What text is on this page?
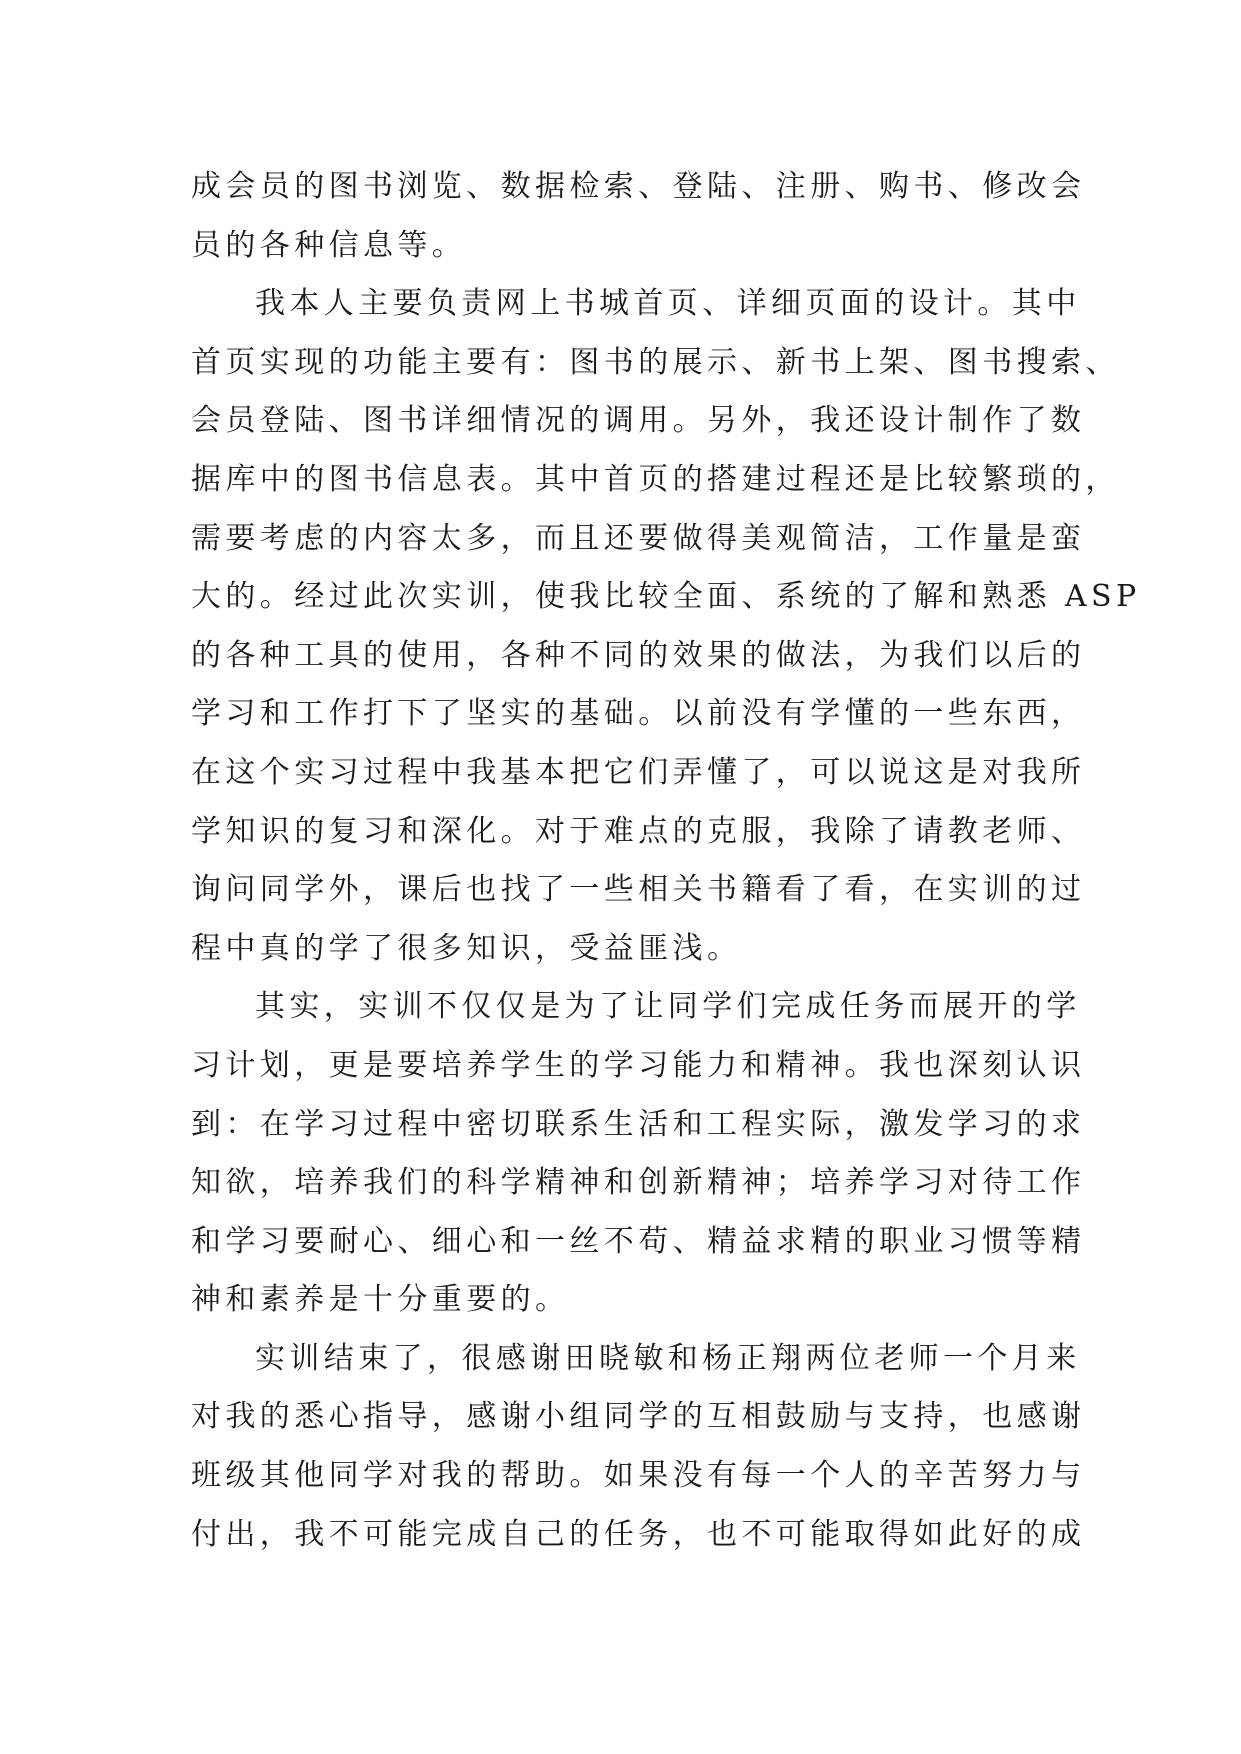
成会员的图书浏览、数据检索、登陆、注册、购书、修改会
员的各种信息等。
我本人主要负责网上书城首页、详细页面的设计。其中
首页实现的功能主要有：图书的展示、新书上架、图书搜索、
会员登陆、图书详细情况的调用。另外，我还设计制作了数
据库中的图书信息表。其中首页的搭建过程还是比较繁琐的，
需要考虑的内容太多，而且还要做得美观简洁，工作量是蛮
大的。经过此次实训，使我比较全面、系统的了解和熟悉 ASP
的各种工具的使用，各种不同的效果的做法，为我们以后的
学习和工作打下了坚实的基础。以前没有学懂的一些东西，
在这个实习过程中我基本把它们弄懂了，可以说这是对我所
学知识的复习和深化。对于难点的克服，我除了请教老师、
询问同学外，课后也找了一些相关书籍看了看，在实训的过
程中真的学了很多知识，受益匪浅。
其实，实训不仅仅是为了让同学们完成任务而展开的学
习计划，更是要培养学生的学习能力和精神。我也深刻认识
到：在学习过程中密切联系生活和工程实际，激发学习的求
知欲，培养我们的科学精神和创新精神；培养学习对待工作
和学习要耐心、细心和一丝不苟、精益求精的职业习惯等精
神和素养是十分重要的。
实训结束了，很感谢田晓敏和杨正翔两位老师一个月来
对我的悉心指导，感谢小组同学的互相鼓励与支持，也感谢
班级其他同学对我的帮助。如果没有每一个人的辛苦努力与
付出，我不可能完成自己的任务，也不可能取得如此好的成
